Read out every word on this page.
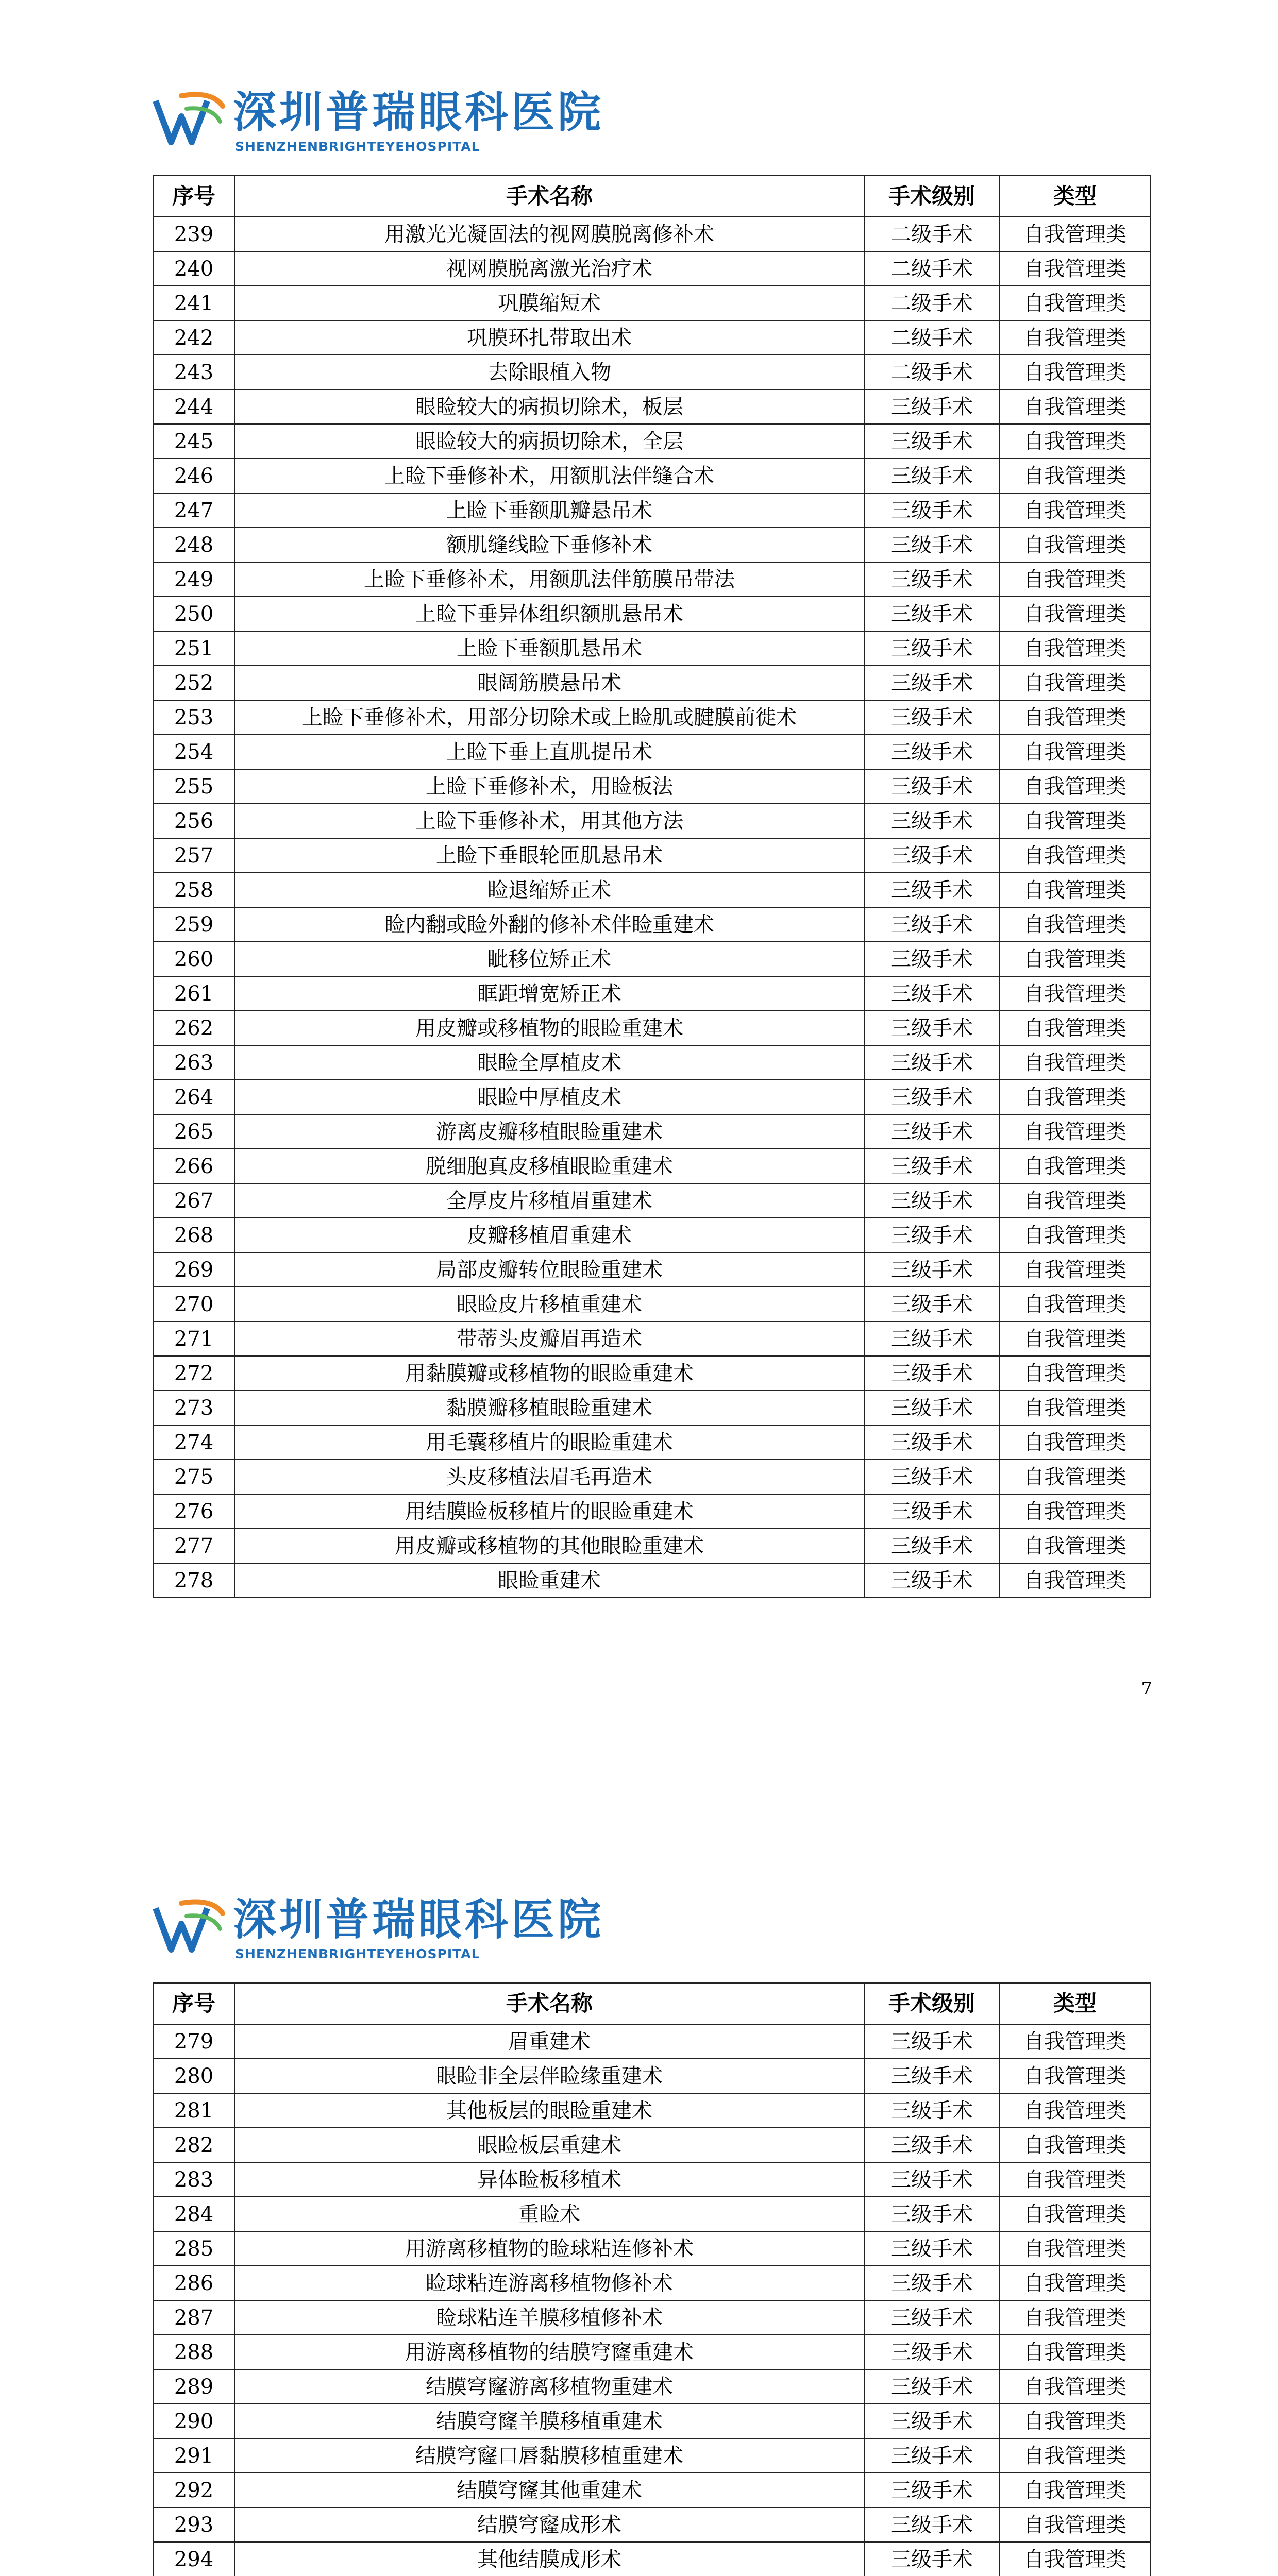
深圳普瑞眼科医院
SHENZHEN BRIGHT EYE HOSPITAL
序号	手术名称	手术级别	类型
239	用激光光凝固法的视网膜脱离修补术	二级手术	自我管理类
240	视网膜脱离激光治疗术	二级手术	自我管理类
241	巩膜缩短术	二级手术	自我管理类
242	巩膜环扎带取出术	二级手术	自我管理类
243	去除眼植入物	二级手术	自我管理类
244	眼睑较大的病损切除术，板层	三级手术	自我管理类
245	眼睑较大的病损切除术，全层	三级手术	自我管理类
246	上睑下垂修补术，用额肌法伴缝合术	三级手术	自我管理类
247	上睑下垂额肌瓣悬吊术	三级手术	自我管理类
248	额肌缝线睑下垂修补术	三级手术	自我管理类
249	上睑下垂修补术，用额肌法伴筋膜吊带法	三级手术	自我管理类
250	上睑下垂异体组织额肌悬吊术	三级手术	自我管理类
251	上睑下垂额肌悬吊术	三级手术	自我管理类
252	眼阔筋膜悬吊术	三级手术	自我管理类
253	上睑下垂修补术，用部分切除术或上睑肌或腱膜前徙术	三级手术	自我管理类
254	上睑下垂上直肌提吊术	三级手术	自我管理类
255	上睑下垂修补术，用睑板法	三级手术	自我管理类
256	上睑下垂修补术，用其他方法	三级手术	自我管理类
257	上睑下垂眼轮匝肌悬吊术	三级手术	自我管理类
258	睑退缩矫正术	三级手术	自我管理类
259	睑内翻或睑外翻的修补术伴睑重建术	三级手术	自我管理类
260	眦移位矫正术	三级手术	自我管理类
261	眶距增宽矫正术	三级手术	自我管理类
262	用皮瓣或移植物的眼睑重建术	三级手术	自我管理类
263	眼睑全厚植皮术	三级手术	自我管理类
264	眼睑中厚植皮术	三级手术	自我管理类
265	游离皮瓣移植眼睑重建术	三级手术	自我管理类
266	脱细胞真皮移植眼睑重建术	三级手术	自我管理类
267	全厚皮片移植眉重建术	三级手术	自我管理类
268	皮瓣移植眉重建术	三级手术	自我管理类
269	局部皮瓣转位眼睑重建术	三级手术	自我管理类
270	眼睑皮片移植重建术	三级手术	自我管理类
271	带蒂头皮瓣眉再造术	三级手术	自我管理类
272	用黏膜瓣或移植物的眼睑重建术	三级手术	自我管理类
273	黏膜瓣移植眼睑重建术	三级手术	自我管理类
274	用毛囊移植片的眼睑重建术	三级手术	自我管理类
275	头皮移植法眉毛再造术	三级手术	自我管理类
276	用结膜睑板移植片的眼睑重建术	三级手术	自我管理类
277	用皮瓣或移植物的其他眼睑重建术	三级手术	自我管理类
278	眼睑重建术	三级手术	自我管理类
7
深圳普瑞眼科医院
SHENZHEN BRIGHT EYE HOSPITAL
序号	手术名称	手术级别	类型
279	眉重建术	三级手术	自我管理类
280	眼睑非全层伴睑缘重建术	三级手术	自我管理类
281	其他板层的眼睑重建术	三级手术	自我管理类
282	眼睑板层重建术	三级手术	自我管理类
283	异体睑板移植术	三级手术	自我管理类
284	重睑术	三级手术	自我管理类
285	用游离移植物的睑球粘连修补术	三级手术	自我管理类
286	睑球粘连游离移植物修补术	三级手术	自我管理类
287	睑球粘连羊膜移植修补术	三级手术	自我管理类
288	用游离移植物的结膜穹窿重建术	三级手术	自我管理类
289	结膜穹窿游离移植物重建术	三级手术	自我管理类
290	结膜穹窿羊膜移植重建术	三级手术	自我管理类
291	结膜穹窿口唇黏膜移植重建术	三级手术	自我管理类
292	结膜穹窿其他重建术	三级手术	自我管理类
293	结膜穹窿成形术	三级手术	自我管理类
294	其他结膜成形术	三级手术	自我管理类
